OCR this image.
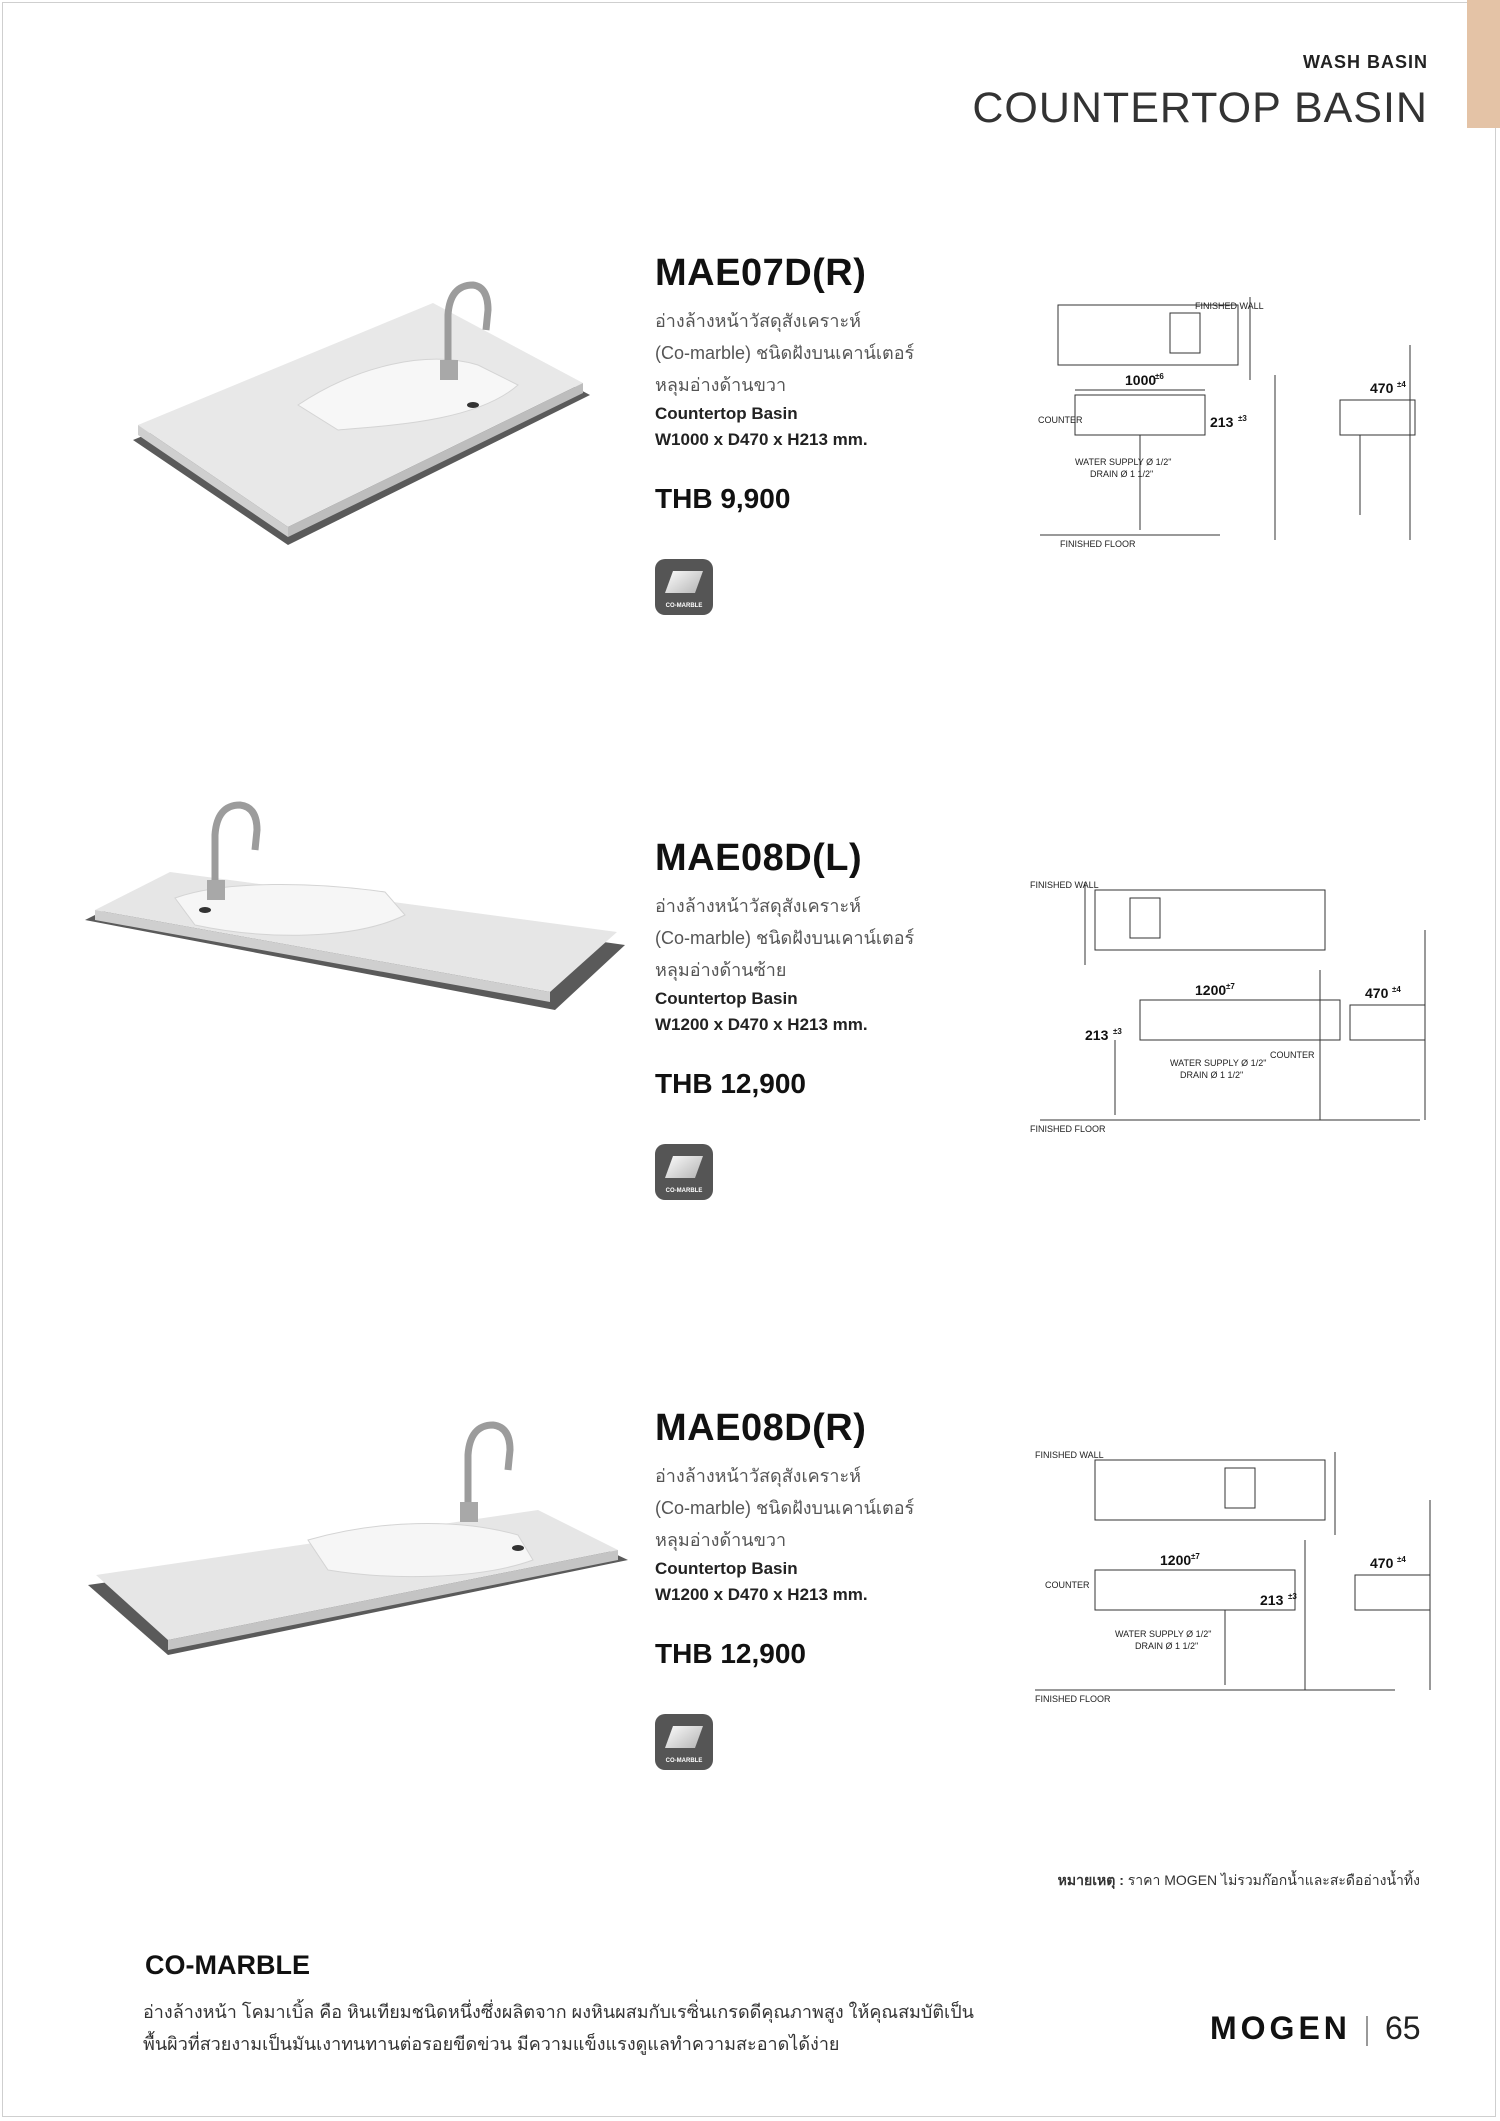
WASH BASIN
COUNTERTOP BASIN
MAE07D(R)
อ่างล้างหน้าวัสดุสังเคราะห์
(Co-marble) ชนิดฝังบนเคาน์เตอร์
หลุมอ่างด้านขวา
Countertop Basin
W1000 x D470 x H213 mm.
THB 9,900
CO-MARBLE
FINISHED WALL
COUNTER
WATER SUPPLY Ø 1/2"
DRAIN Ø 1 1/2"
FINISHED FLOOR
1000
±6
213 ±3
470 ±4
MAE08D(L)
อ่างล้างหน้าวัสดุสังเคราะห์
(Co-marble) ชนิดฝังบนเคาน์เตอร์
หลุมอ่างด้านซ้าย
Countertop Basin
W1200 x D470 x H213 mm.
THB 12,900
CO-MARBLE
FINISHED WALL
COUNTER
WATER SUPPLY Ø 1/2"
DRAIN Ø 1 1/2"
FINISHED FLOOR
1200 ±7
213 ±3
470 ±4
MAE08D(R)
อ่างล้างหน้าวัสดุสังเคราะห์
(Co-marble) ชนิดฝังบนเคาน์เตอร์
หลุมอ่างด้านขวา
Countertop Basin
W1200 x D470 x H213 mm.
THB 12,900
CO-MARBLE
FINISHED WALL
COUNTER
WATER SUPPLY Ø 1/2"
DRAIN Ø 1 1/2"
FINISHED FLOOR
1200 ±7
213 ±3
470 ±4
หมายเหตุ : ราคา MOGEN ไม่รวมก๊อกน้ำและสะดืออ่างน้ำทิ้ง
CO-MARBLE
อ่างล้างหน้า โคมาเบิ้ล คือ หินเทียมชนิดหนึ่งซึ่งผลิตจาก ผงหินผสมกับเรซิ่นเกรดดีคุณภาพสูง ให้คุณสมบัติเป็น
พื้นผิวที่สวยงามเป็นมันเงาทนทานต่อรอยขีดข่วน มีความแข็งแรงดูแลทำความสะอาดได้ง่าย	MOGEN 65
